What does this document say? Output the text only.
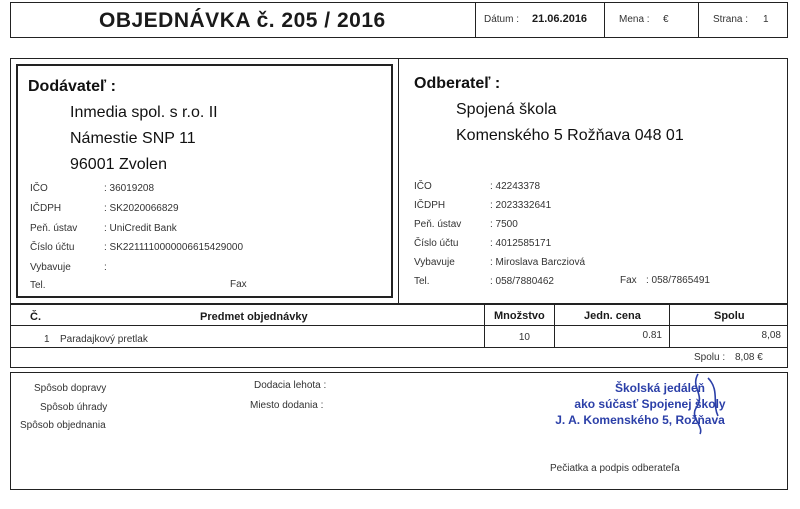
OBJEDNÁVKA č. 205 / 2016	Dátum : 21.06.2016	Mena : €	Strana : 1
Dodávateľ :
Inmedia spol. s r.o. II
Námestie SNP 11
96001 Zvolen
IČO	: 36019208
IČDPH	: SK2020066829
Peň. ústav	: UniCredit Bank
Číslo účtu	: SK2211110000006615429000
Vybavuje	:
Tel.	Fax
Odberateľ :
Spojená škola
Komenského 5 Rožňava 048 01
IČO	: 42243378
IČDPH	: 2023332641
Peň. ústav	: 7500
Číslo účtu	: 4012585171
Vybavuje	: Miroslava Barcziová
Tel.	: 058/7880462	Fax : 058/7865491
Č.	Predmet objednávky	Množstvo	Jedn. cena	Spolu
1 Paradajkový pretlak	10	0.81	8,08
Spolu : 8,08 €
Spôsob dopravy
Spôsob úhrady
Spôsob objednania
Dodacia lehota :
Miesto dodania :
Pečiatka a podpis odberateľa
Školská jedáleň
ako súčasť Spojenej školy
J. A. Komenského 5, Rožňava
